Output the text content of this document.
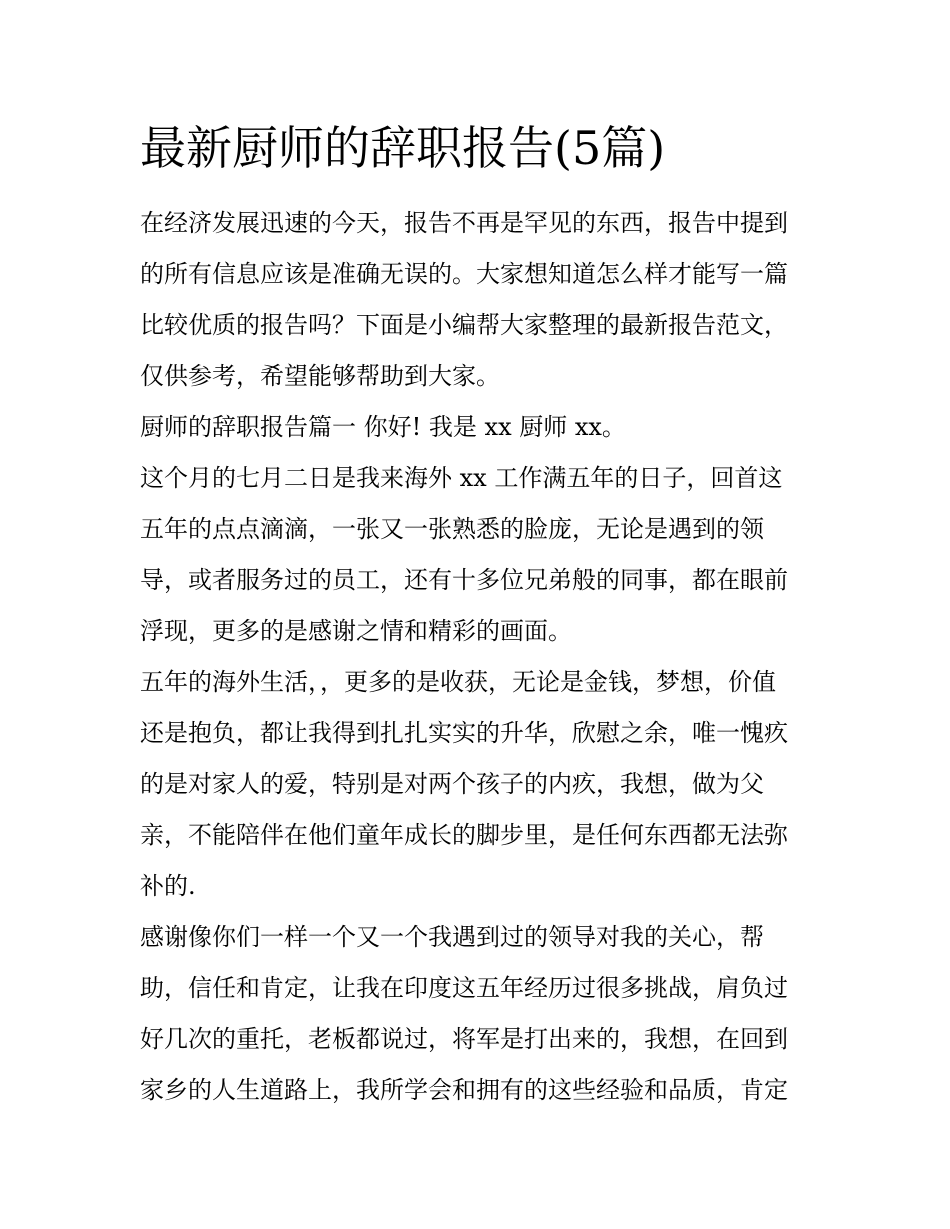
最新厨师的辞职报告(5篇)

在经济发展迅速的今天，报告不再是罕见的东西，报告中提到

的所有信息应该是准确无误的。大家想知道怎么样才能写一篇

比较优质的报告吗？下面是小编帮大家整理的最新报告范文，

仅供参考，希望能够帮助到大家。

厨师的辞职报告篇一 你好! 我是 xx 厨师 xx。

这个月的七月二日是我来海外 xx 工作满五年的日子，回首这

五年的点点滴滴，一张又一张熟悉的脸庞，无论是遇到的领

导，或者服务过的员工，还有十多位兄弟般的同事，都在眼前

浮现，更多的是感谢之情和精彩的画面。

五年的海外生活，，更多的是收获，无论是金钱，梦想，价值

还是抱负，都让我得到扎扎实实的升华，欣慰之余，唯一愧疚

的是对家人的爱，特别是对两个孩子的内疚，我想，做为父

亲，不能陪伴在他们童年成长的脚步里，是任何东西都无法弥

补的.

感谢像你们一样一个又一个我遇到过的领导对我的关心，帮

助，信任和肯定，让我在印度这五年经历过很多挑战，肩负过

好几次的重托，老板都说过，将军是打出来的，我想，在回到

家乡的人生道路上，我所学会和拥有的这些经验和品质，肯定
